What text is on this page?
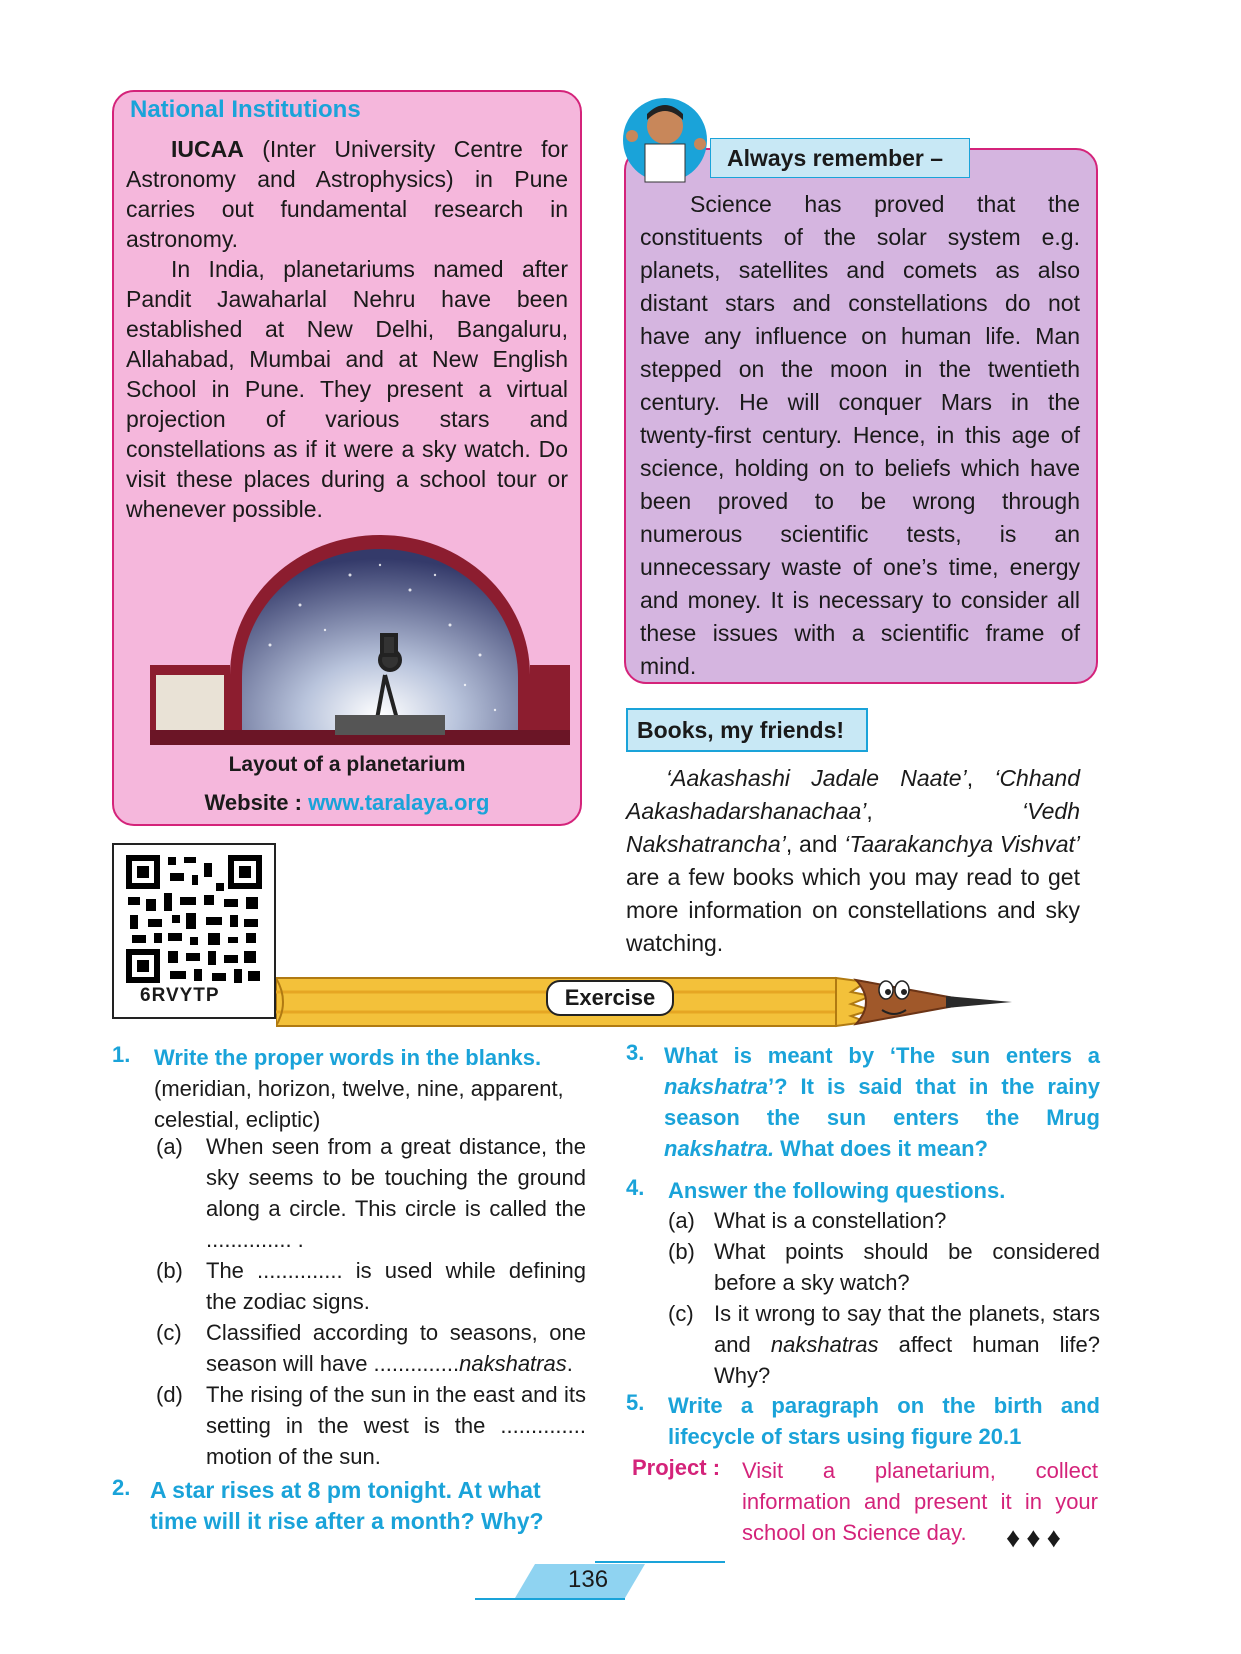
National Institutions

IUCAA (Inter University Centre for Astronomy and Astrophysics) in Pune carries out fundamental research in astronomy.

In India, planetariums named after Pandit Jawaharlal Nehru have been established at New Delhi, Bangaluru, Allahabad, Mumbai and at New English School in Pune. They present a virtual projection of various stars and constellations as if it were a sky watch. Do visit these places during a school tour or whenever possible.

Layout of a planetarium
Website : www.taralaya.org
Always remember –

Science has proved that the constituents of the solar system e.g. planets, satellites and comets as also distant stars and constellations do not have any influence on human life. Man stepped on the moon in the twentieth century. He will conquer Mars in the twenty-first century. Hence, in this age of science, holding on to beliefs which have been proved to be wrong through numerous scientific tests, is an unnecessary waste of one’s time, energy and money. It is necessary to consider all these issues with a scientific frame of mind.

Books, my friends!

‘Aakashashi Jadale Naate’, ‘Chhand Aakashadarshanachaa’, ‘Vedh Nakshatrancha’, and ‘Taarakanchya Vishvat’ are a few books which you may read to get more information on constellations and sky watching.

6RVYTP	Exercise
1. Write the proper words in the blanks.
(meridian, horizon, twelve, nine, apparent, celestial, ecliptic)
(a) When seen from a great distance, the sky seems to be touching the ground along a circle. This circle is called the .............. .
(b) The .............. is used while defining the zodiac signs.
(c) Classified according to seasons, one season will have ..............nakshatras.
(d) The rising of the sun in the east and its setting in the west is the .............. motion of the sun.
2. A star rises at 8 pm tonight. At what time will it rise after a month? Why?
3. What is meant by ‘The sun enters a nakshatra’? It is said that in the rainy season the sun enters the Mrug nakshatra. What does it mean?
4. Answer the following questions.
(a) What is a constellation?
(b) What points should be considered before a sky watch?
(c) Is it wrong to say that the planets, stars and nakshatras affect human life? Why?
5. Write a paragraph on the birth and lifecycle of stars using figure 20.1
Project : Visit a planetarium, collect information and present it in your school on Science day.	♦♦♦
136
